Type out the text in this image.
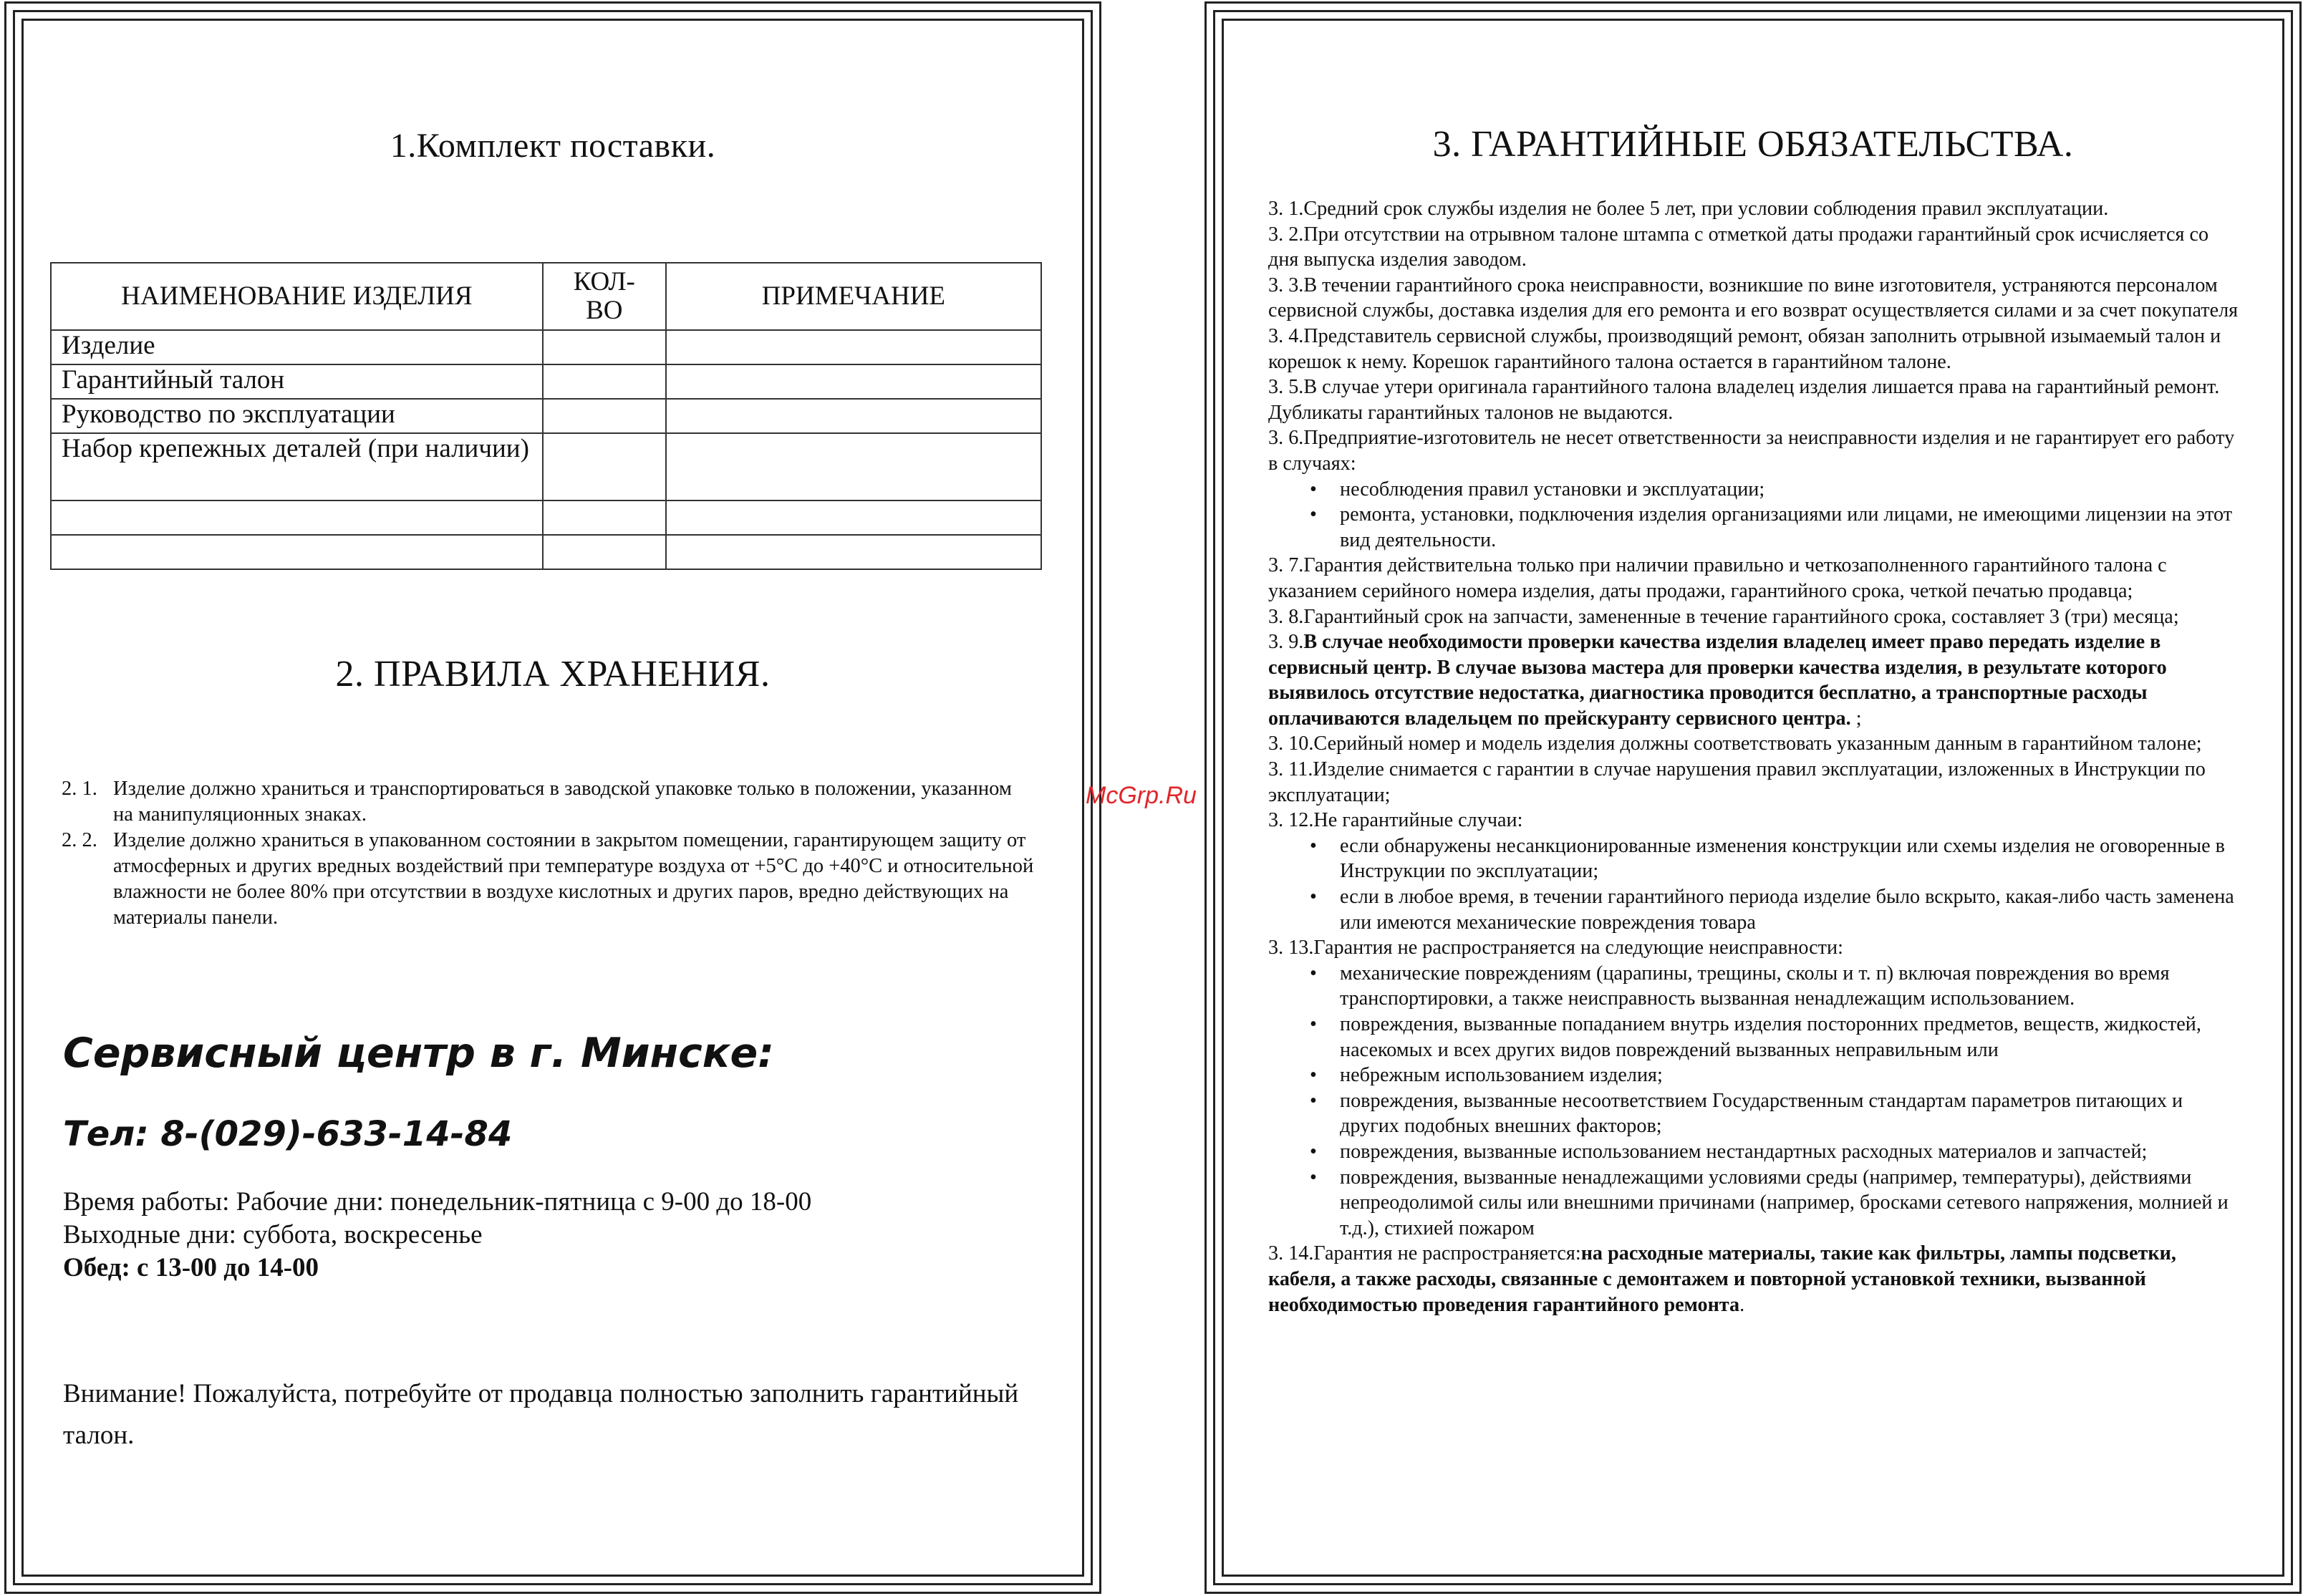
1.Комплект поставки.
НАИМЕНОВАНИЕ ИЗДЕЛИЯ	КОЛ-ВО	ПРИМЕЧАНИЕ
Изделие		
Гарантийный талон		
Руководство по эксплуатации		
Набор крепежных деталей (при наличии)		

2. ПРАВИЛА ХРАНЕНИЯ.
2. 1. Изделие должно храниться и транспортироваться в заводской упаковке только в положении, указанном на манипуляционных знаках.
2. 2. Изделие должно храниться в упакованном состоянии в закрытом помещении, гарантирующем защиту от атмосферных и других вредных воздействий при температуре воздуха от +5°С до +40°С и относительной влажности не более 80% при отсутствии в воздухе кислотных и других паров, вредно действующих на материалы панели.
Сервисный центр в г. Минске:
Тел: 8-(029)-633-14-84
Время работы: Рабочие дни: понедельник-пятница с 9-00 до 18-00
Выходные дни: суббота, воскресенье
Обед: с 13-00 до 14-00
Внимание! Пожалуйста, потребуйте от продавца полностью заполнить гарантийный талон.
McGrp.Ru
3. ГАРАНТИЙНЫЕ ОБЯЗАТЕЛЬСТВА.

3. 1.Средний срок службы изделия не более 5 лет, при условии соблюдения правил эксплуатации.

3. 2.При отсутствии на отрывном талоне штампа с отметкой даты продажи гарантийный срок исчисляется со дня выпуска изделия заводом.

3. 3.В течении гарантийного срока неисправности, возникшие по вине изготовителя, устраняются персоналом сервисной службы, доставка изделия для его ремонта и его возврат осуществляется силами и за счет покупателя

3. 4.Представитель сервисной службы, производящий ремонт, обязан заполнить отрывной изымаемый талон и корешок к нему. Корешок гарантийного талона остается в гарантийном талоне.

3. 5.В случае утери оригинала гарантийного талона владелец изделия лишается права на гарантийный ремонт. Дубликаты гарантийных талонов не выдаются.

3. 6.Предприятие-изготовитель не несет ответственности за неисправности изделия и не гарантирует его работу в случаях:

• несоблюдения правил установки и эксплуатации;

• ремонта, установки, подключения изделия организациями или лицами, не имеющими лицензии на этот вид деятельности.

3. 7.Гарантия действительна только при наличии правильно и четкозаполненного гарантийного талона с указанием серийного номера изделия, даты продажи, гарантийного срока, четкой печатью продавца;

3. 8.Гарантийный срок на запчасти, замененные в течение гарантийного срока, составляет 3 (три) месяца;

3. 9.В случае необходимости проверки качества изделия владелец имеет право передать изделие в сервисный центр. В случае вызова мастера для проверки качества изделия, в результате которого выявилось отсутствие недостатка, диагностика проводится бесплатно, а транспортные расходы оплачиваются владельцем по прейскуранту сервисного центра. ;

3. 10.Серийный номер и модель изделия должны соответствовать указанным данным в гарантийном талоне;

3. 11.Изделие снимается с гарантии в случае нарушения правил эксплуатации, изложенных в Инструкции по эксплуатации;

3. 12.Не гарантийные случаи:

• если обнаружены несанкционированные изменения конструкции или схемы изделия не оговоренные в Инструкции по эксплуатации;

• если в любое время, в течении гарантийного периода изделие было вскрыто, какая-либо часть заменена или имеются механические повреждения товара

3. 13.Гарантия не распространяется на следующие неисправности:

• механические повреждениям (царапины, трещины, сколы и т. п) включая повреждения во время транспортировки, а также неисправность вызванная ненадлежащим использованием.

• повреждения, вызванные попаданием внутрь изделия посторонних предметов, веществ, жидкостей, насекомых и всех других видов повреждений вызванных неправильным или

• небрежным использованием изделия;

• повреждения, вызванные несоответствием Государственным стандартам параметров питающих и других подобных внешних факторов;

• повреждения, вызванные использованием нестандартных расходных материалов и запчастей;

• повреждения, вызванные ненадлежащими условиями среды (например, температуры), действиями непреодолимой силы или внешними причинами (например, бросками сетевого напряжения, молнией и т.д.), стихией пожаром

3. 14.Гарантия не распространяется:на расходные материалы, такие как фильтры, лампы подсветки, кабеля, а также расходы, связанные с демонтажем и повторной установкой техники, вызванной необходимостью проведения гарантийного ремонта.
